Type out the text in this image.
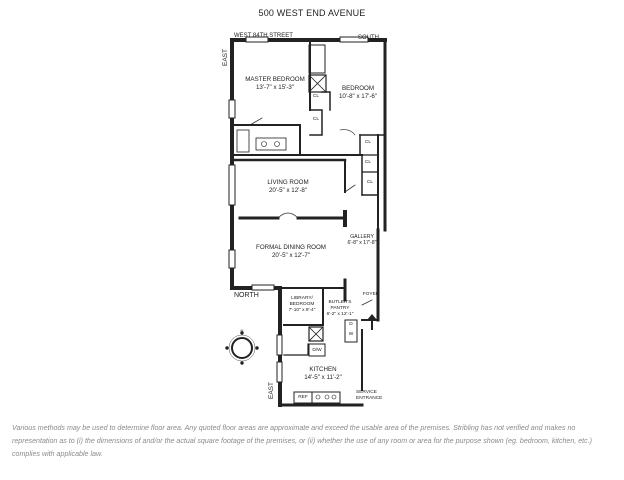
500 WEST END AVENUE
WEST 84TH STREET	SOUTH
EAST
NORTH
EAST
MASTER BEDROOM
13'-7" x 15'-3"	BEDROOM
10'-8" x 17'-6"
LIVING ROOM
20'-5" x 12'-8"
FORMAL DINING ROOM
20'-5" x 12'-7"
GALLERY
6'-8" x 17'-8"
LIBRARY/
BEDROOM
7'-10" x 8'-4"
BUTLER'S
PANTRY
6'-2" x 12'-1"
KITCHEN
14'-5" x 11'-2"
FOYER
SERVICE
ENTRANCE
CL
CL
CL
CL
CL
D/W
REF
D
W
N
Various methods may be used to determine floor area. Any quoted floor areas are approximate and exceed the usable area of the premises. Stribling has not verified and makes no representation as to (i) the dimensions of and/or the actual square footage of the premises, or (ii) whether the use of any room or area for the purpose shown (eg. bedroom, kitchen, etc.) complies with applicable law.
